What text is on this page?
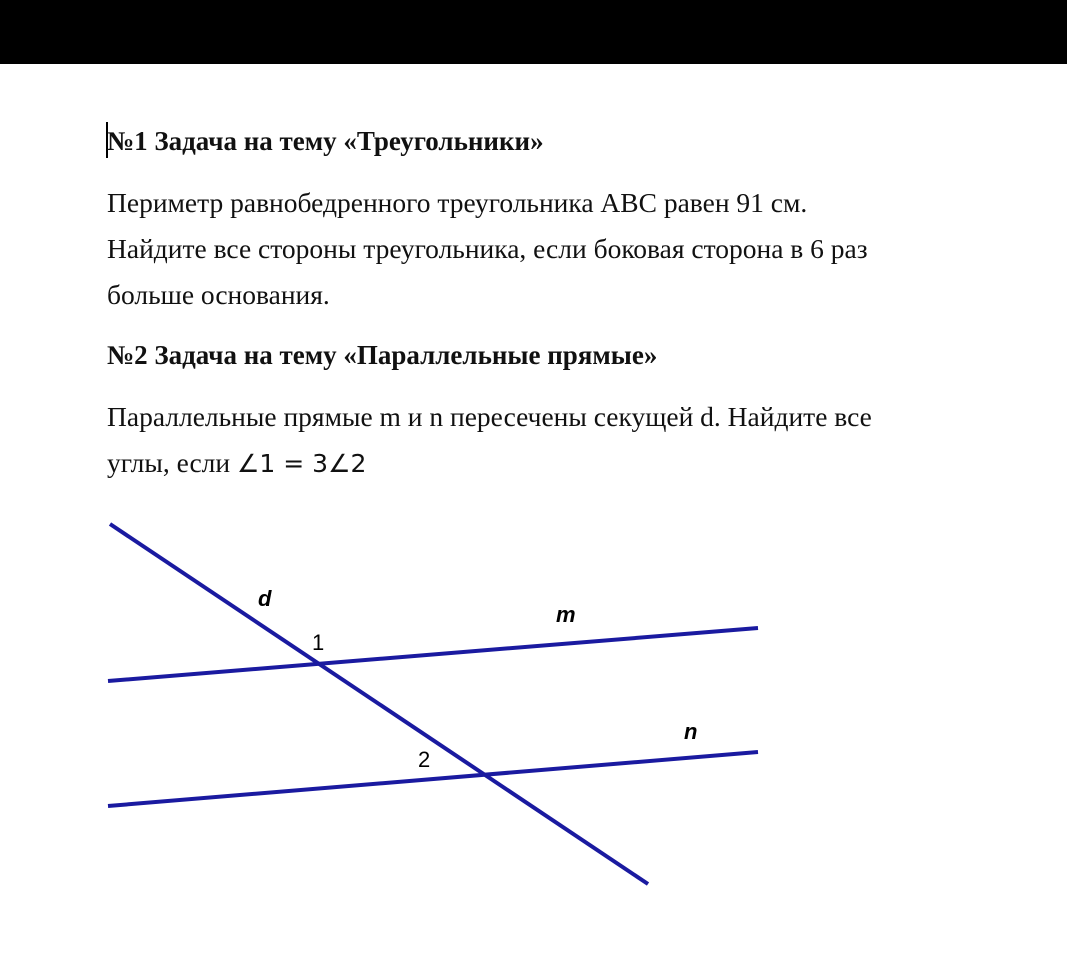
№1 Задача на тему «Треугольники»

Периметр равнобедренного треугольника ABC равен 91 см.

Найдите все стороны треугольника, если боковая сторона в 6 раз

больше основания.

№2 Задача на тему «Параллельные прямые»

Параллельные прямые m и n пересечены секущей d. Найдите все

углы, если ∠1 = 3∠2

d
m
n
1
2
